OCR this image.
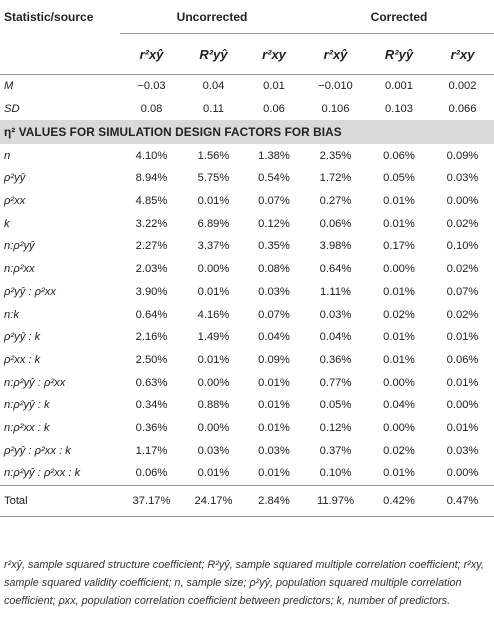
Statistic/source	Uncorrected			Corrected		
	r²xŷ	R²yŷ	r²xy	r²xŷ	R²yŷ	r²xy
M	−0.03	0.04	0.01	−0.010	0.001	0.002
SD	0.08	0.11	0.06	0.106	0.103	0.066
η² VALUES FOR SIMULATION DESIGN FACTORS FOR BIAS						
n	4.10%	1.56%	1.38%	2.35%	0.06%	0.09%
ρ²yŷ	8.94%	5.75%	0.54%	1.72%	0.05%	0.03%
ρ²xx	4.85%	0.01%	0.07%	0.27%	0.01%	0.00%
k	3.22%	6.89%	0.12%	0.06%	0.01%	0.02%
n:ρ²yŷ	2.27%	3.37%	0.35%	3.98%	0.17%	0.10%
n:ρ²xx	2.03%	0.00%	0.08%	0.64%	0.00%	0.02%
ρ²yŷ : ρ²xx	3.90%	0.01%	0.03%	1.11%	0.01%	0.07%
n:k	0.64%	4.16%	0.07%	0.03%	0.02%	0.02%
ρ²yŷ : k	2.16%	1.49%	0.04%	0.04%	0.01%	0.01%
ρ²xx : k	2.50%	0.01%	0.09%	0.36%	0.01%	0.06%
n:ρ²yŷ : ρ²xx	0.63%	0.00%	0.01%	0.77%	0.00%	0.01%
n:ρ²yŷ : k	0.34%	0.88%	0.01%	0.05%	0.04%	0.00%
n:ρ²xx : k	0.36%	0.00%	0.01%	0.12%	0.00%	0.01%
ρ²yŷ : ρ²xx : k	1.17%	0.03%	0.03%	0.37%	0.02%	0.03%
n:ρ²yŷ : ρ²xx : k	0.06%	0.01%	0.01%	0.10%	0.01%	0.00%
Total	37.17%	24.17%	2.84%	11.97%	0.42%	0.47%
r²xŷ, sample squared structure coefficient; R²yŷ, sample squared multiple correlation coefficient; r²xy, sample squared validity coefficient; n, sample size; ρ²yŷ, population squared multiple correlation coefficient; ρxx, population correlation coefficient between predictors; k, number of predictors.
